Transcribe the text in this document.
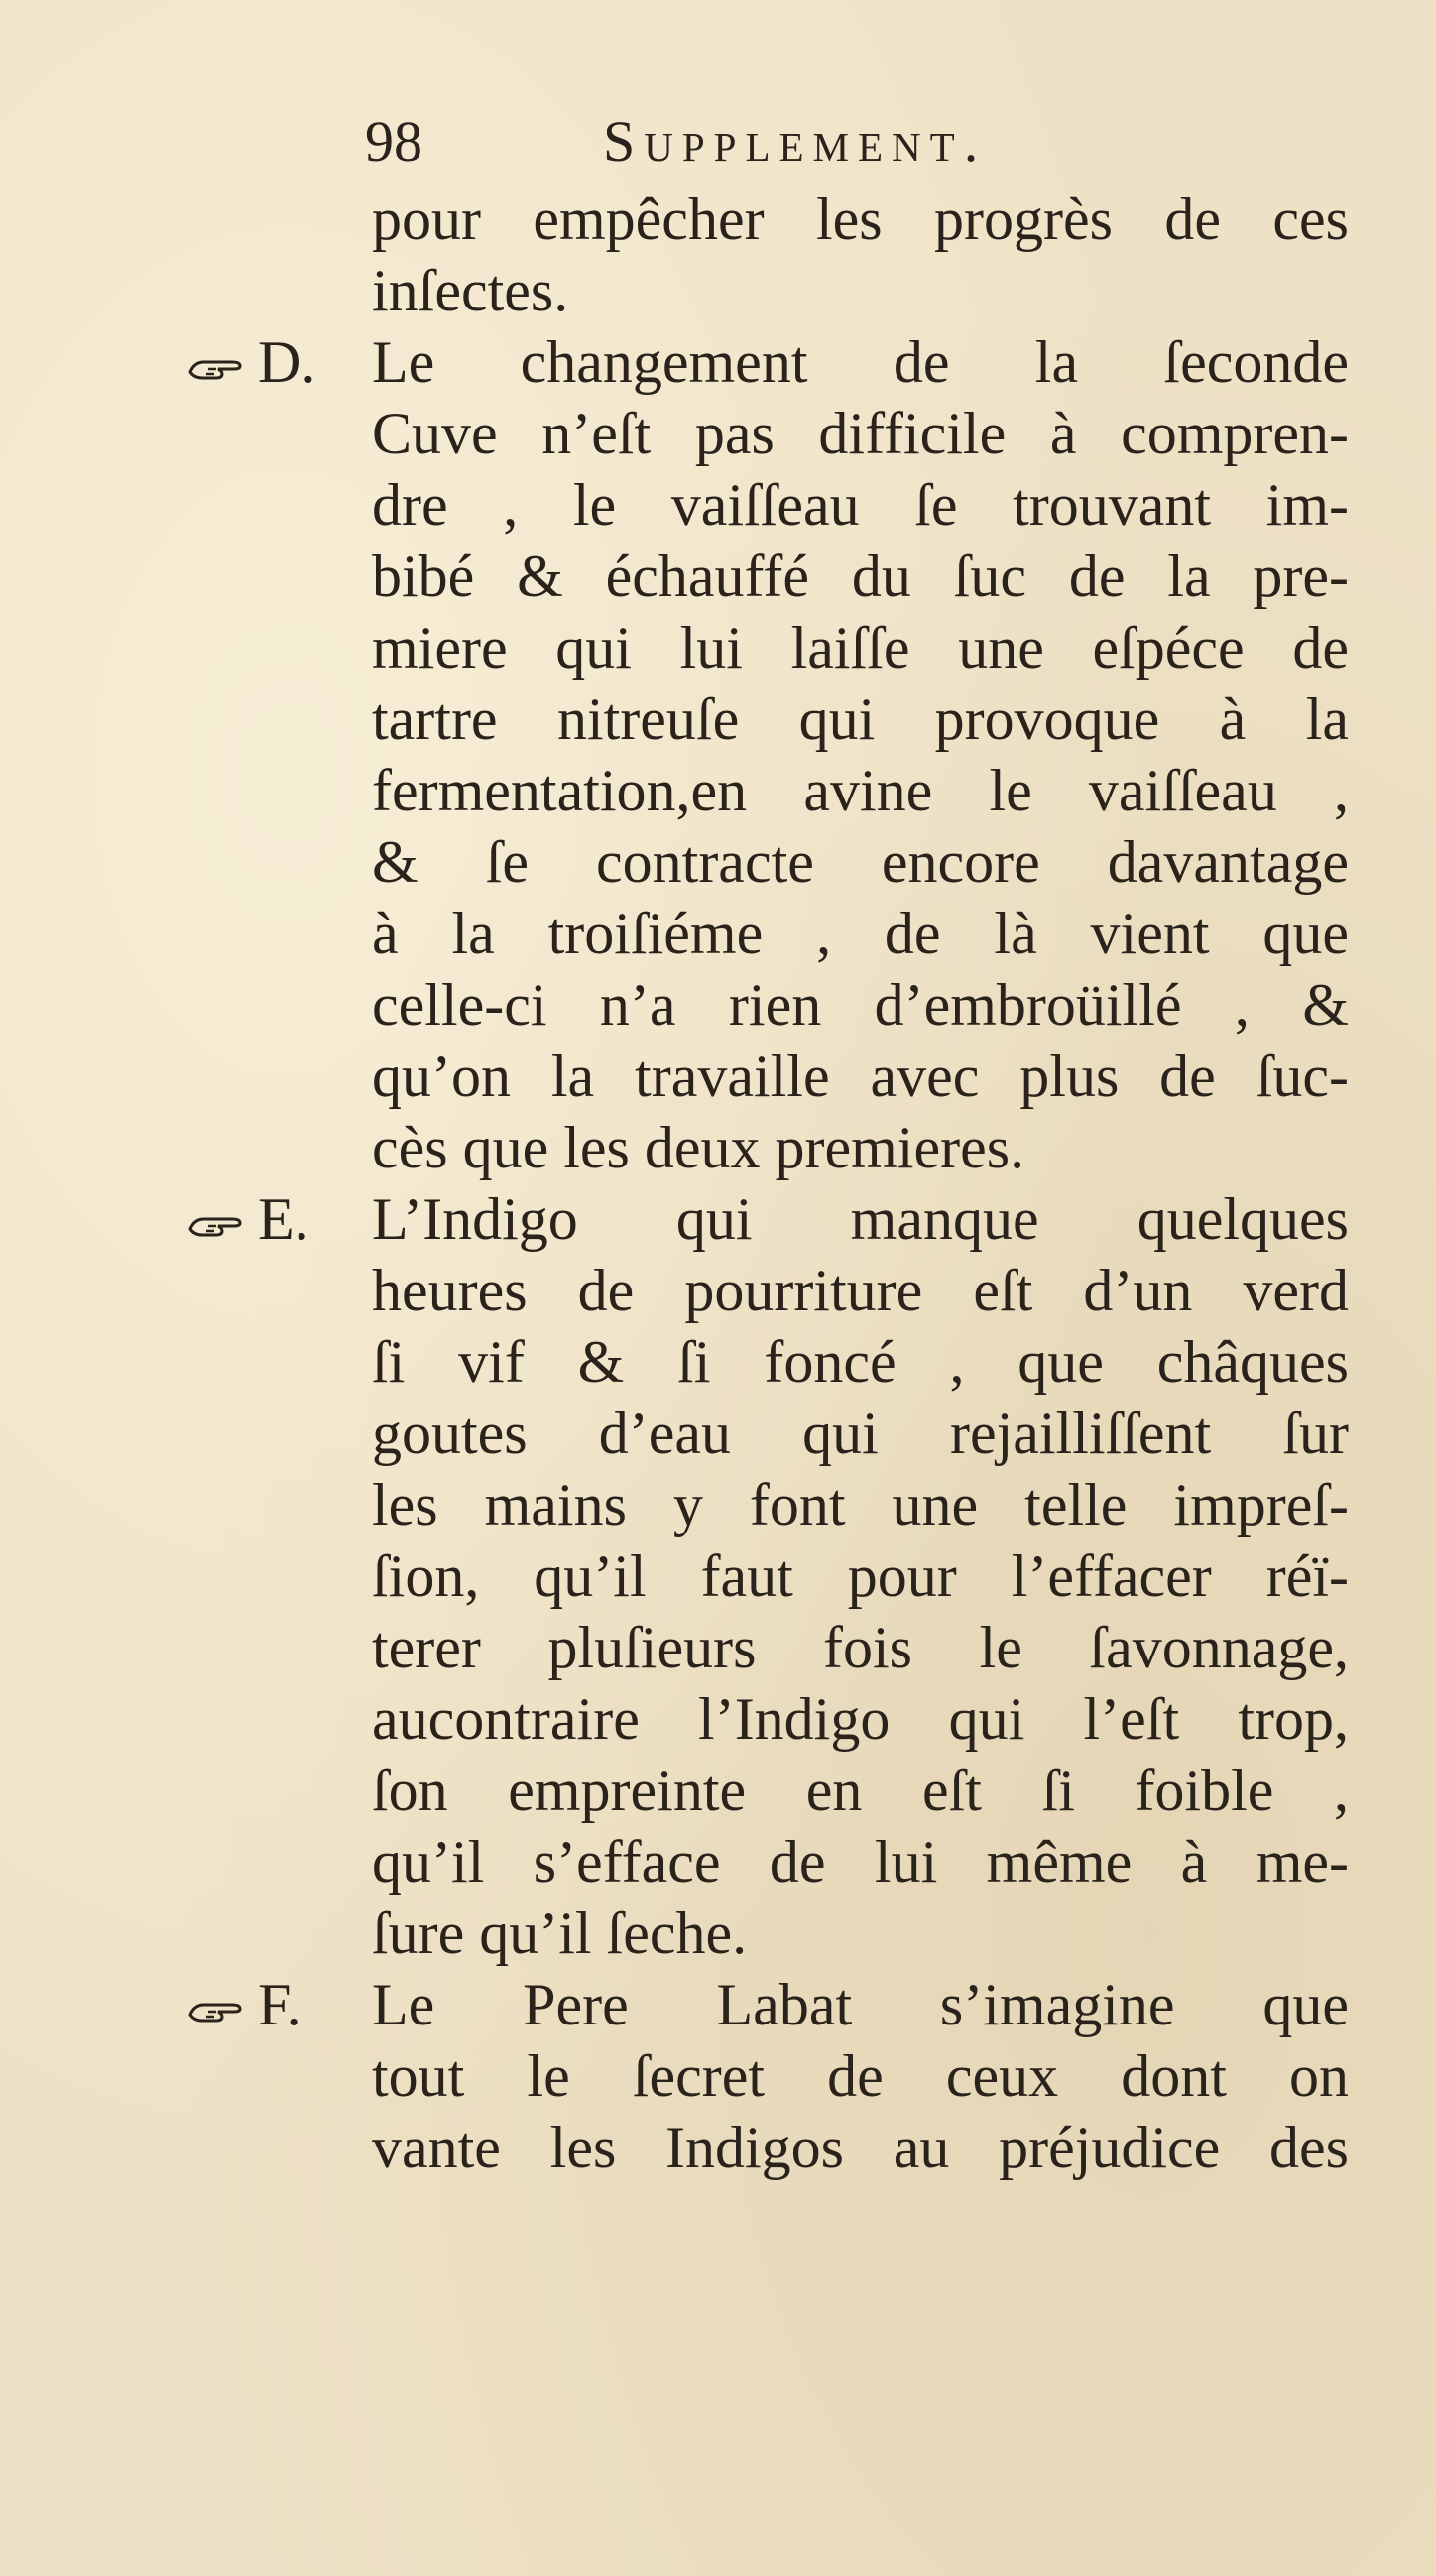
98	Supplement.
D.
E.
F.
pour empêcher les progrès de ces
inſectes.
Le changement de la ſeconde
Cuve n’eſt pas difficile à compren-
dre , le vaiſſeau ſe trouvant im-
bibé & échauffé du ſuc de la pre-
miere qui lui laiſſe une eſpéce de
tartre nitreuſe qui provoque à la
fermentation,en avine le vaiſſeau ,
& ſe contracte encore davantage
à la troiſiéme , de là vient que
celle-ci n’a rien d’embroüillé , &
qu’on la travaille avec plus de ſuc-
cès que les deux premieres.
L’Indigo qui manque quelques
heures de pourriture eſt d’un verd
ſi vif & ſi foncé , que châques
goutes d’eau qui rejailliſſent ſur
les mains y font une telle impreſ-
ſion, qu’il faut pour l’effacer réï-
terer pluſieurs fois le ſavonnage,
aucontraire l’Indigo qui l’eſt trop,
ſon empreinte en eſt ſi foible ,
qu’il s’efface de lui même à me-
ſure qu’il ſeche.
Le Pere Labat s’imagine que
tout le ſecret de ceux dont on
vante les Indigos au préjudice des
